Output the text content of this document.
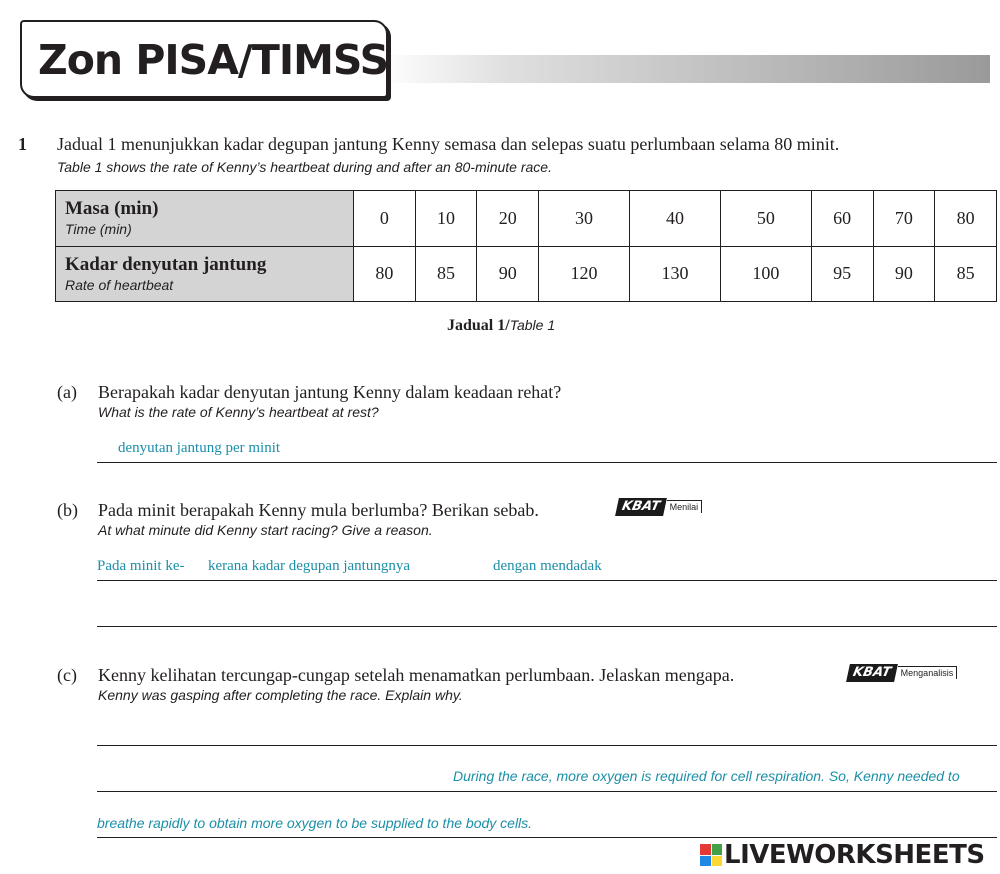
Zon PISA/TIMSS
1 Jadual 1 menunjukkan kadar degupan jantung Kenny semasa dan selepas suatu perlumbaan selama 80 minit.
Table 1 shows the rate of Kenny’s heartbeat during and after an 80-minute race.
Masa (min)
Time (min)	0	10	20	30	40	50	60	70	80

Kadar denyutan jantung
Rate of heartbeat	80	85	90	120	130	100	95	90	85
Jadual 1/Table 1
(a) Berapakah kadar denyutan jantung Kenny dalam keadaan rehat?
What is the rate of Kenny’s heartbeat at rest?
denyutan jantung per minit
(b) Pada minit berapakah Kenny mula berlumba? Berikan sebab.	KBAT Menilai
At what minute did Kenny start racing? Give a reason.
Pada minit ke- kerana kadar degupan jantungnya	dengan mendadak
(c) Kenny kelihatan tercungap-cungap setelah menamatkan perlumbaan. Jelaskan mengapa.	KBAT Menganalisis
Kenny was gasping after completing the race. Explain why.
During the race, more oxygen is required for cell respiration. So, Kenny needed to
breathe rapidly to obtain more oxygen to be supplied to the body cells.
LIVEWORKSHEETS
